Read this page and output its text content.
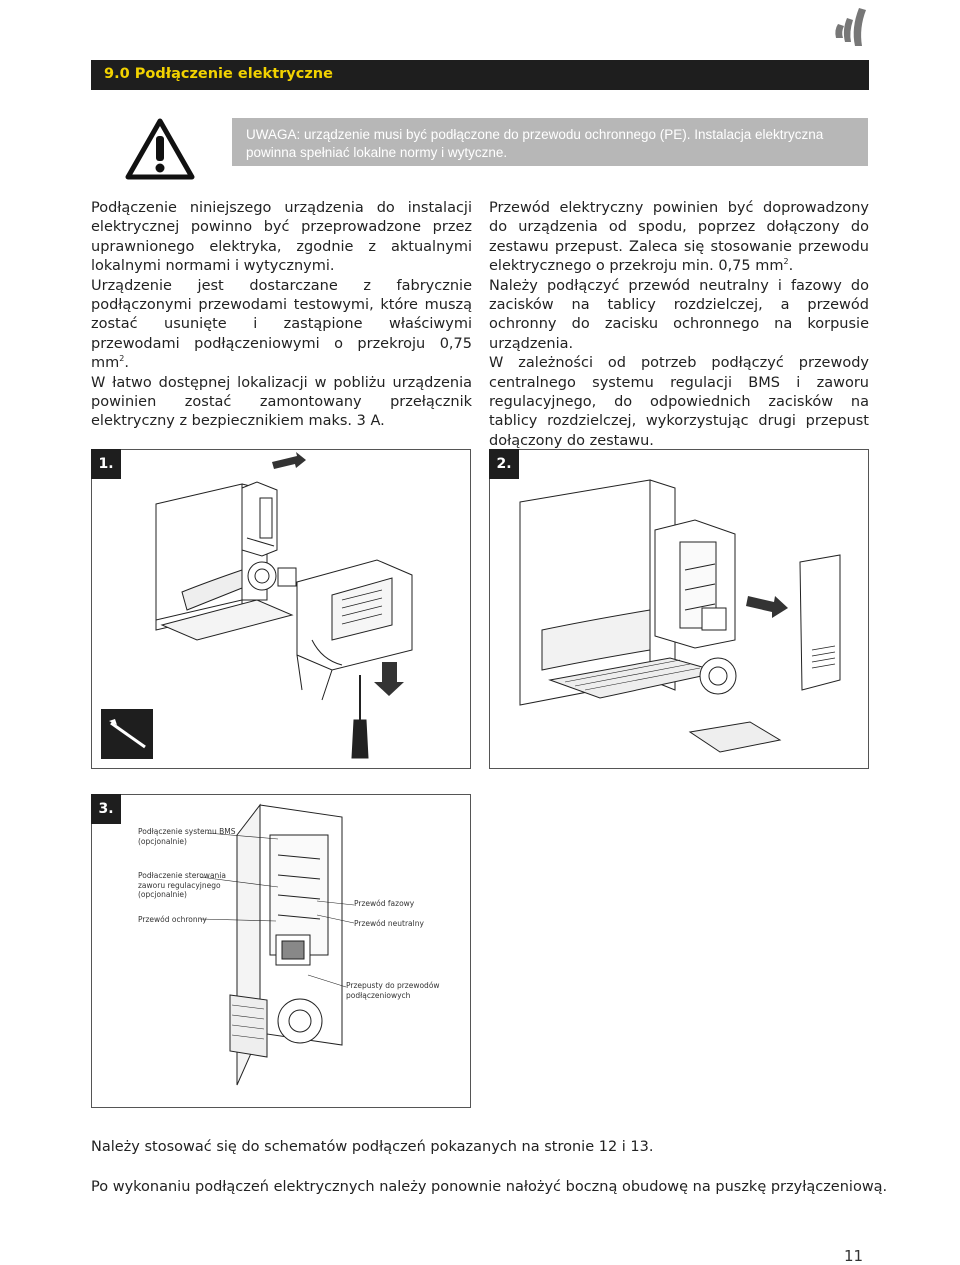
9.0 Podłączenie elektryczne
UWAGA: urządzenie musi być podłączone do przewodu ochronnego (PE). Instalacja elektryczna powinna spełniać lokalne normy i wytyczne.

Podłączenie niniejszego urządzenia do instalacji elektrycznej powinno być przeprowadzone przez uprawnionego elektryka, zgodnie z aktualnymi lokalnymi normami i wytycznymi.

Urządzenie jest dostarczane z fabrycznie podłączonymi przewodami testowymi, które muszą zostać usunięte i zastąpione właściwymi przewodami podłączeniowymi o przekroju 0,75 $mm^2$.

W łatwo dostępnej lokalizacji w pobliżu urządzenia powinien zostać zamontowany przełącznik elektryczny z bezpiecznikiem maks. 3 A.

Przewód elektryczny powinien być doprowadzony do urządzenia od spodu, poprzez dołączony do zestawu przepust. Zaleca się stosowanie przewodu elektrycznego o przekroju min. 0,75 $mm^2$.

Należy podłączyć przewód neutralny i fazowy do zacisków na tablicy rozdzielczej, a przewód ochronny do zacisku ochronnego na korpusie urządzenia.

W zależności od potrzeb podłączyć przewody centralnego systemu regulacji BMS i zaworu regulacyjnego, do odpowiednich zacisków na tablicy rozdzielczej, wykorzystując drugi przepust dołączony do zestawu.

1.	2.
3.
Podłączenie systemu BMS
(opcjonalnie)
Podłaczenie sterowania
zaworu regulacyjnego
(opcjonalnie)
Przewód ochronny
Przewód fazowy
Przewód neutralny
Przepusty do przewodów
podłączeniowych
Należy stosować się do schematów podłączeń pokazanych na stronie 12 i 13.
Po wykonaniu podłączeń elektrycznych należy ponownie nałożyć boczną obudowę na puszkę przyłączeniową.
11
